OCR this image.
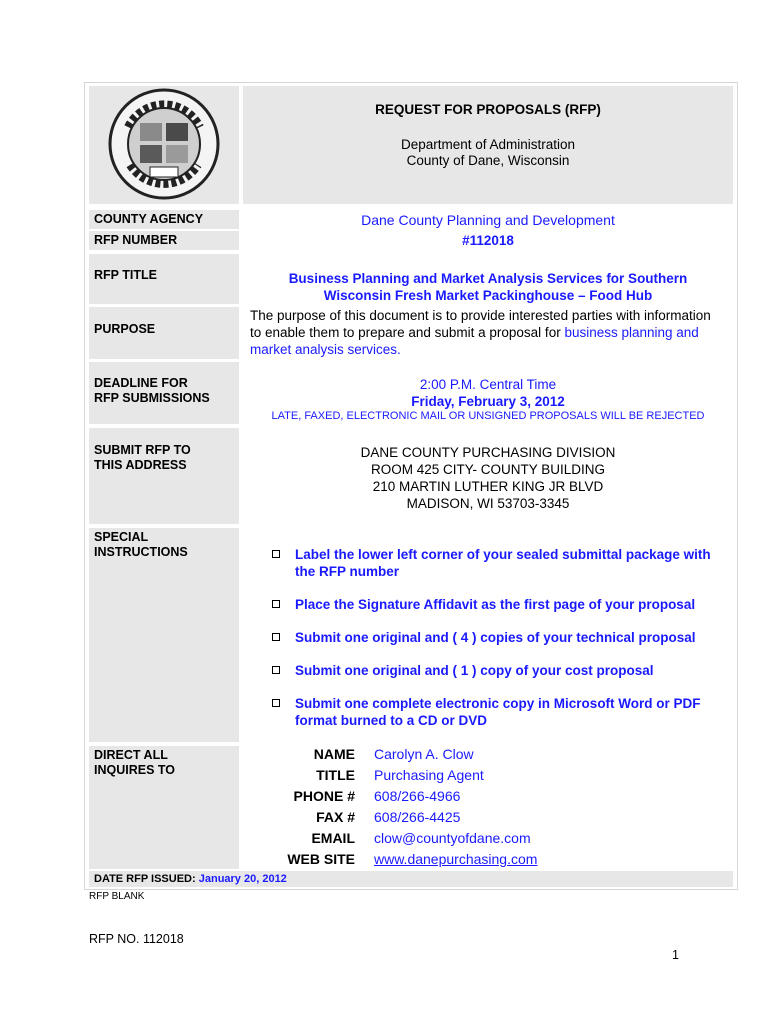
REQUEST FOR PROPOSALS (RFP)
Department of Administration
County of Dane, Wisconsin
COUNTY AGENCY
RFP NUMBER
RFP TITLE
PURPOSE
DEADLINE FOR
RFP SUBMISSIONS
SUBMIT RFP TO
THIS ADDRESS
SPECIAL
INSTRUCTIONS
DIRECT ALL
INQUIRES TO
Dane County Planning and Development
#112018
Business Planning and Market Analysis Services for Southern
Wisconsin Fresh Market Packinghouse – Food Hub
The purpose of this document is to provide interested parties with information
to enable them to prepare and submit a proposal for business planning and
market analysis services.
2:00 P.M. Central Time
Friday, February 3, 2012
LATE, FAXED, ELECTRONIC MAIL OR UNSIGNED PROPOSALS WILL BE REJECTED
DANE COUNTY PURCHASING DIVISION
ROOM 425 CITY- COUNTY BUILDING
210 MARTIN LUTHER KING JR BLVD
MADISON, WI 53703-3345
Label the lower left corner of your sealed submittal package with
the RFP number
Place the Signature Affidavit as the first page of your proposal
Submit one original and ( 4 ) copies of your technical proposal
Submit one original and ( 1 ) copy of your cost proposal
Submit one complete electronic copy in Microsoft Word or PDF
format burned to a CD or DVD
NAME Carolyn A. Clow
TITLE Purchasing Agent
PHONE # 608/266-4966
FAX # 608/266-4425
EMAIL clow@countyofdane.com
WEB SITE www.danepurchasing.com
DATE RFP ISSUED: January 20, 2012
RFP BLANK
RFP NO. 112018
1
